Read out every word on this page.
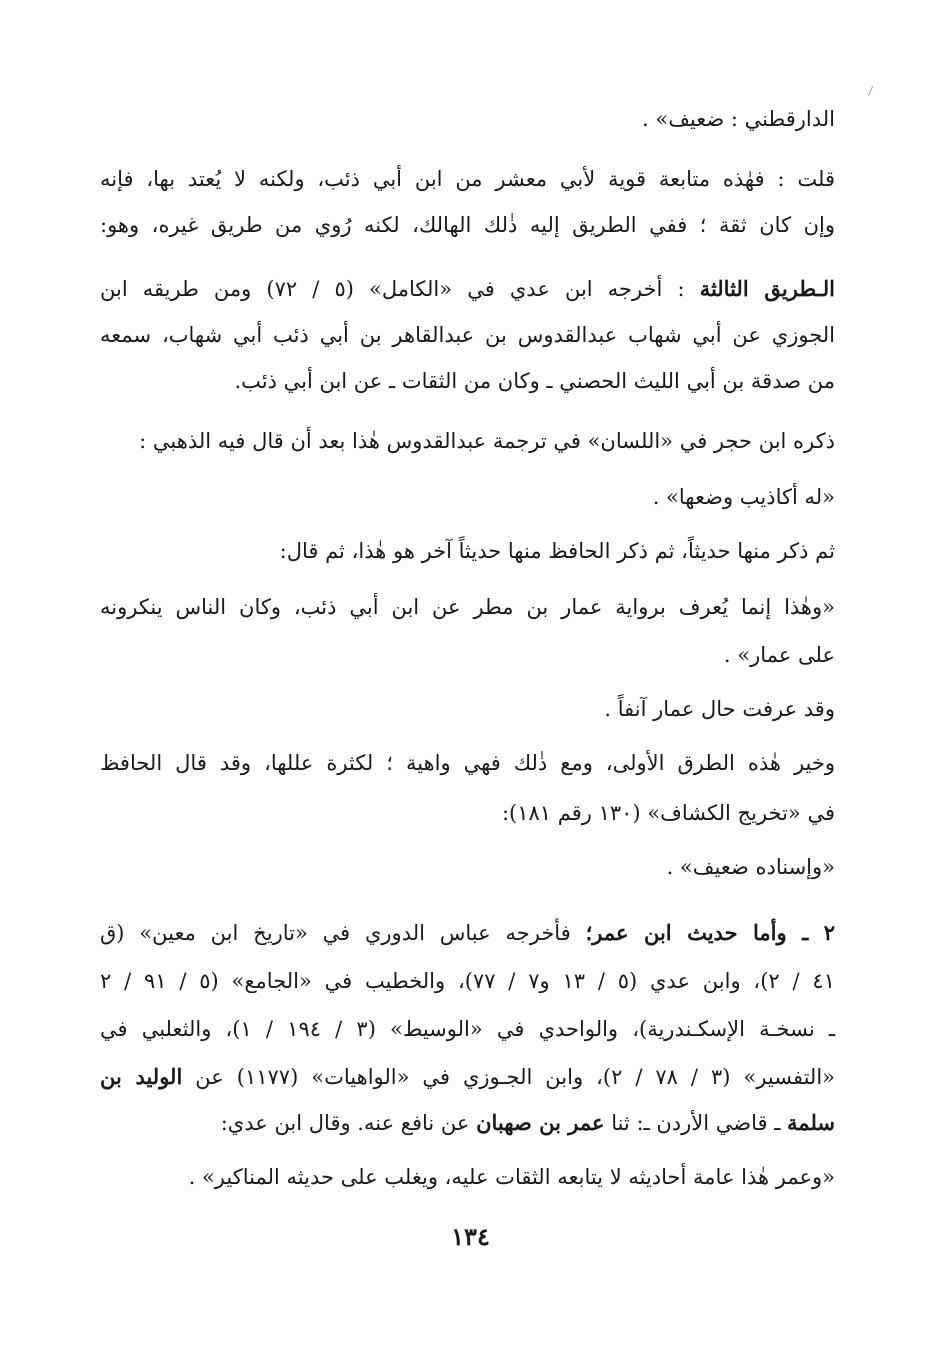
الدارقطني : ضعيف» .
قلت : فهٰذه متابعة قوية لأبي معشر من ابن أبي ذئب، ولكنه لا يُعتد بها، فإنه
وإن كان ثقة ؛ ففي الطريق إليه ذٰلك الهالك، لكنه رُوي من طريق غيره، وهو:
الـطريق الثالثة : أخرجه ابن عدي في «الكامل» (٥ / ٧٢) ومن طريقه ابن
الجوزي عن أبي شهاب عبدالقدوس بن عبدالقاهر بن أبي ذئب أبي شهاب، سمعه
من صدقة بن أبي الليث الحصني ـ وكان من الثقات ـ عن ابن أبي ذئب.
ذكره ابن حجر في «اللسان» في ترجمة عبدالقدوس هٰذا بعد أن قال فيه الذهبي :
«له أكاذيب وضعها» .
ثم ذكر منها حديثاً، ثم ذكر الحافظ منها حديثاً آخر هو هٰذا، ثم قال:
«وهٰذا إنما يُعرف برواية عمار بن مطر عن ابن أبي ذئب، وكان الناس ينكرونه
على عمار» .
وقد عرفت حال عمار آنفاً .
وخير هٰذه الطرق الأولى، ومع ذٰلك فهي واهية ؛ لكثرة عللها، وقد قال الحافظ
في «تخريج الكشاف» (١٣٠ رقم ١٨١):
«وإسناده ضعيف» .
٢ ـ وأما حديث ابن عمر؛ فأخرجه عباس الدوري في «تاريخ ابن معين» (ق
٤١ / ٢)، وابن عدي (٥ / ١٣ و٧ / ٧٧)، والخطيب في «الجامع» (٥ / ٩١ / ٢
ـ نسخـة الإسكـندرية)، والواحدي في «الوسيط» (٣ / ١٩٤ / ١)، والثعلبي في
«التفسير» (٣ / ٧٨ / ٢)، وابن الجـوزي في «الواهيات» (١١٧٧) عن الوليد بن
سلمة ـ قاضي الأردن ـ: ثنا عمر بن صهبان عن نافع عنه. وقال ابن عدي:
«وعمر هٰذا عامة أحاديثه لا يتابعه الثقات عليه، ويغلب على حديثه المناكير» .
١٣٤
